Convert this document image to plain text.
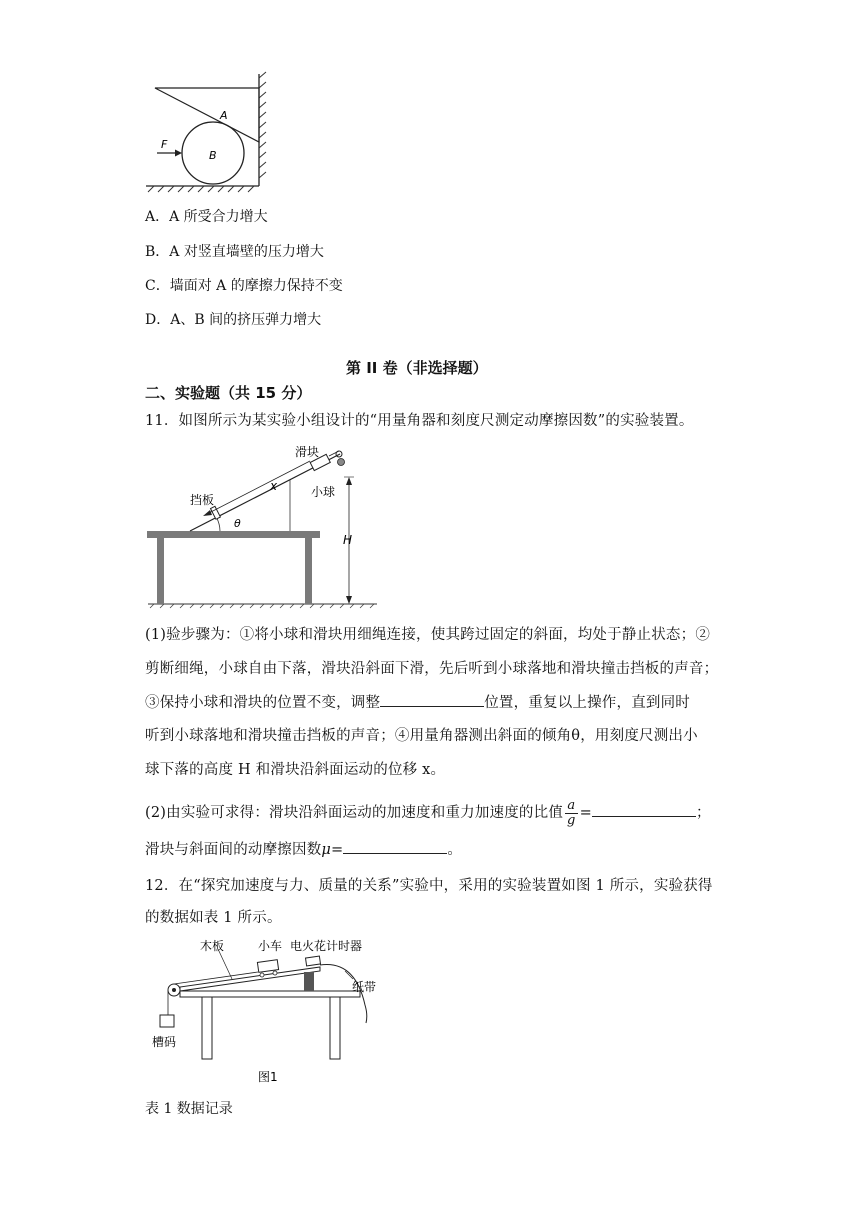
A
B
F
A．A 所受合力增大
B．A 对竖直墙壁的压力增大
C．墙面对 A 的摩擦力保持不变
D．A、B 间的挤压弹力增大
第 II 卷（非选择题）
二、实验题（共 15 分）
11．如图所示为某实验小组设计的“用量角器和刻度尺测定动摩擦因数”的实验装置。
滑块
小球
挡板
x
θ
H
(1)验步骤为：①将小球和滑块用细绳连接，使其跨过固定的斜面，均处于静止状态；②
剪断细绳，小球自由下落，滑块沿斜面下滑，先后听到小球落地和滑块撞击挡板的声音；
③保持小球和滑块的位置不变，调整	位置，重复以上操作，直到同时
听到小球落地和滑块撞击挡板的声音；④用量角器测出斜面的倾角θ，用刻度尺测出小
球下落的高度 H 和滑块沿斜面运动的位移 x。
(2)由实验可求得：滑块沿斜面运动的加速度和重力加速度的比值 $\frac{a}{g}$ =	；
滑块与斜面间的动摩擦因数μ=	。
12．在“探究加速度与力、质量的关系”实验中，采用的实验装置如图 1 所示，实验获得
的数据如表 1 所示。
木板	小车 电火花计时器
纸带
槽码
图1
表 1 数据记录
